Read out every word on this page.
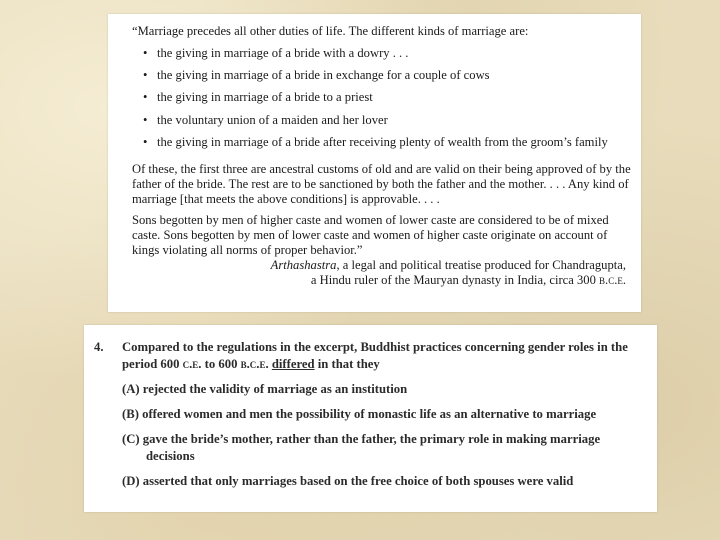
“Marriage precedes all other duties of life. The different kinds of marriage are:

• the giving in marriage of a bride with a dowry . . .
• the giving in marriage of a bride in exchange for a couple of cows
• the giving in marriage of a bride to a priest
• the voluntary union of a maiden and her lover
• the giving in marriage of a bride after receiving plenty of wealth from the groom’s family

Of these, the first three are ancestral customs of old and are valid on their being approved of by the father of the bride. The rest are to be sanctioned by both the father and the mother. . . . Any kind of marriage [that meets the above conditions] is approvable. . . .

Sons begotten by men of higher caste and women of lower caste are considered to be of mixed caste. Sons begotten by men of lower caste and women of higher caste originate on account of kings violating all norms of proper behavior.”

Arthashastra, a legal and political treatise produced for Chandragupta,
a Hindu ruler of the Mauryan dynasty in India, circa 300 b.c.e.
4. Compared to the regulations in the excerpt, Buddhist practices concerning gender roles in the period 600 c.e. to 600 b.c.e. differed in that they

(A) rejected the validity of marriage as an institution

(B) offered women and men the possibility of monastic life as an alternative to marriage

(C) gave the bride’s mother, rather than the father, the primary role in making marriage decisions

(D) asserted that only marriages based on the free choice of both spouses were valid
